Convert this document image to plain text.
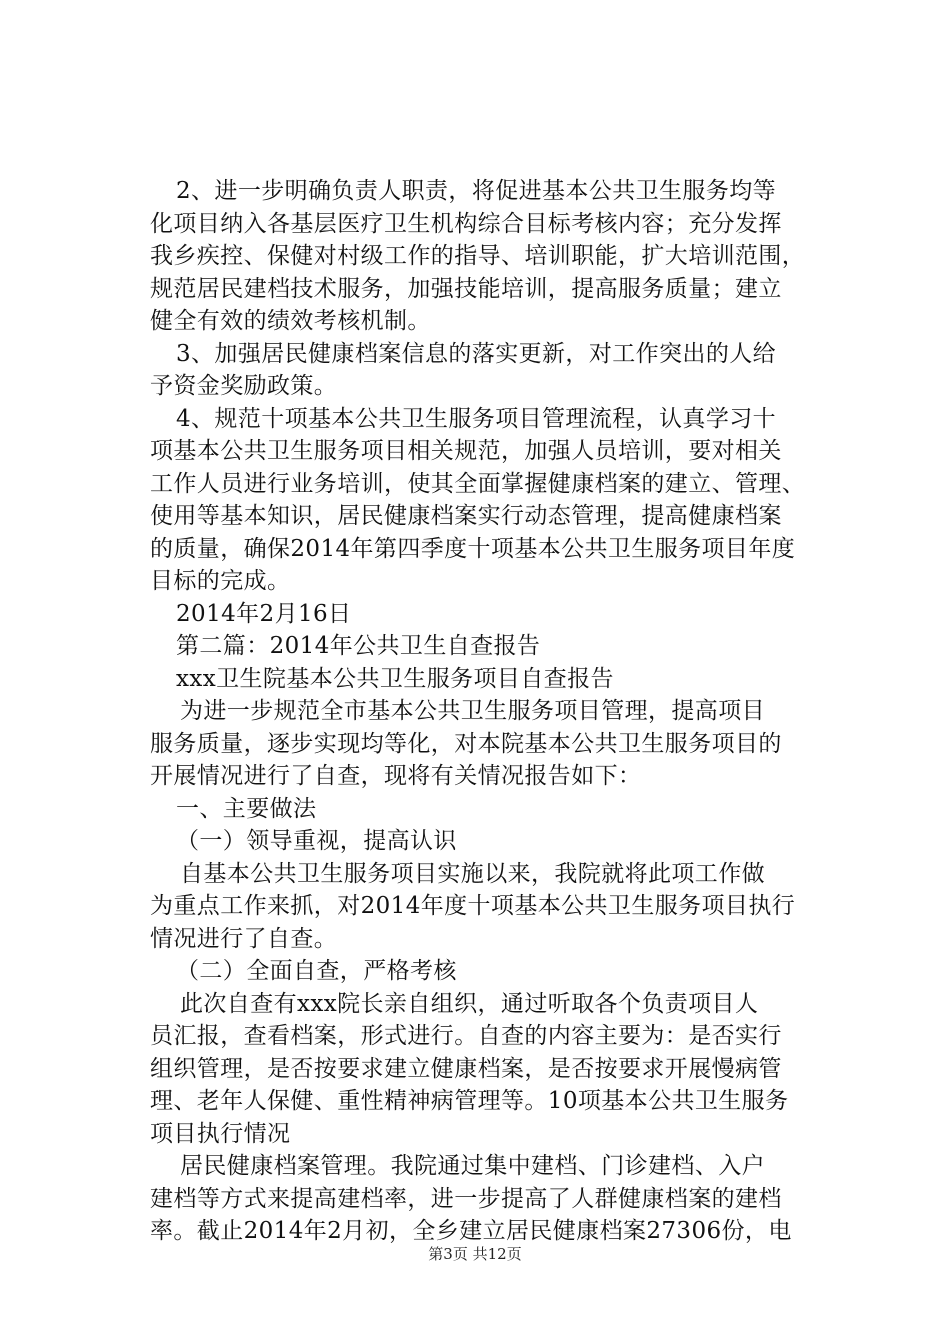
2、进一步明确负责人职责，将促进基本公共卫生服务均等
化项目纳入各基层医疗卫生机构综合目标考核内容；充分发挥
我乡疾控、保健对村级工作的指导、培训职能，扩大培训范围，
规范居民建档技术服务，加强技能培训，提高服务质量；建立
健全有效的绩效考核机制。
3、加强居民健康档案信息的落实更新，对工作突出的人给
予资金奖励政策。
4、规范十项基本公共卫生服务项目管理流程，认真学习十
项基本公共卫生服务项目相关规范，加强人员培训，要对相关
工作人员进行业务培训，使其全面掌握健康档案的建立、管理、
使用等基本知识，居民健康档案实行动态管理，提高健康档案
的质量，确保2014年第四季度十项基本公共卫生服务项目年度
目标的完成。
2014年2月16日
第二篇：2014年公共卫生自查报告
xxx卫生院基本公共卫生服务项目自查报告
为进一步规范全市基本公共卫生服务项目管理，提高项目
服务质量，逐步实现均等化，对本院基本公共卫生服务项目的
开展情况进行了自查，现将有关情况报告如下：
一、主要做法
（一）领导重视，提高认识
自基本公共卫生服务项目实施以来，我院就将此项工作做
为重点工作来抓，对2014年度十项基本公共卫生服务项目执行
情况进行了自查。
（二）全面自查，严格考核
此次自查有xxx院长亲自组织，通过听取各个负责项目人
员汇报，查看档案，形式进行。自查的内容主要为：是否实行
组织管理，是否按要求建立健康档案，是否按要求开展慢病管
理、老年人保健、重性精神病管理等。10项基本公共卫生服务
项目执行情况
居民健康档案管理。我院通过集中建档、门诊建档、入户
建档等方式来提高建档率，进一步提高了人群健康档案的建档
率。截止2014年2月初，全乡建立居民健康档案27306份，电
第3页 共12页
